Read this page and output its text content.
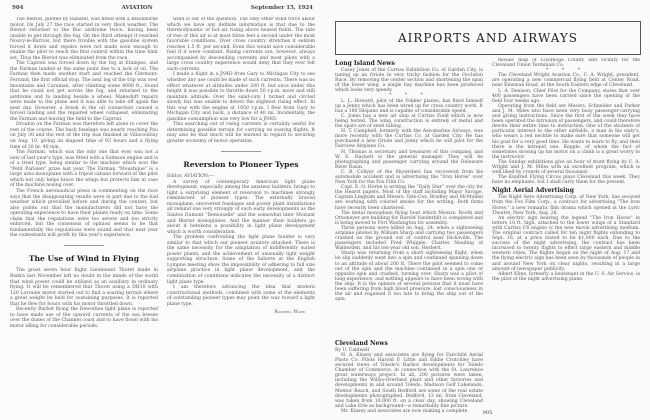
904	AVIATION	September 15, 1924

The Bleriot, piloted by Rabatel, was fitted with a Blackburne motor. On July 27 the race started in very thick weather. The Bleriot returned to the Buc airdrome twice, having been unable to get through the fog. On the third attempt it reached Nouvy-le-Barrois, but there trouble with the gasoline system forced it down and repairs were not made soon enough to enable the pilot to reach the first control within the time limit set. Thus the Bleriot was eliminated from the race.

The Caproni was forced down by the fog at Etampes, and the Farman landed at the same point due to a lack of oil. The Farman then made another start and reached the Clermont-Ferrand, the first official stop. The next leg of the trip was over mountains and Caraman, after climbing some 4000 ft., found that he could not get across the fog, and returned to the airdrome and to landing beside a wheel. Makeshift repairs were made to the plane and it was able to take off again the next day. However, a break in the oil connection caused a forced landing and the repaired wheel collapsed, eliminating the Farman and leaving the field to the Caproni.

Drouhin on the Farman was therefore left alone to cover the rest of the course. The back fuselage was nearly reaching Pau on July 30 and the rest of the trip was finished at Villacoublay on Aug. 10, giving an elapsed time of 93 hours and a flying time of 30 hr. 40 min.

The Farman, which was the only one that ever was not a new of last year's type, was fitted with a Salmson engine and is of a tried type, being similar to the machine which won the "Petit Parisien" prize last year. The Farman "Moustique" is a large area monoplane with a tripod cabane forward of the pilot which not only helps brace the wings but protects him in case of the machine nosing over.

The French aeronautical press in commenting on the race says that the disappointing results were in part due to the bad weather which prevailed before and during the contest, but also points out that the manufacturers did not have the operating experience to have their planes ready on time. Some claim that the regulations were too severe and too strictly enforced, but the consensus of opinion seems to be that fundamentally the regulations were sound and that next year the contestants will profit by this year's experience.

The Use of Wind in Flying

The great seven hour flight Lieutenant Thoret made in Biskra last November left no doubt in the minds of the world that wind power could be utilized as an auxiliary in ordinary flying. It will be remembered that Thoret using a DH10 with 120 Lorraine motor started out to find a soaring terrain where a great weight be held for sustaining purposes. It is reported that he flew for hours with his motor throttled down.

Recently Barbot flying the Dewoitine light plane is reported to have made use of the upward currents of the sea breeze over the dunes of the Channel coast and to have flown with his motor idling for considerable periods.

wind is out of the question. The only other wind force about which we have any definite information is that due to the thermodynamic of hot air rising above heated fields. The rate of rise of this air is at most three feet a second under the most favorable conditions. Over cross country stretches it seldom reaches 1.5 ft. per second. Even this would save considerable fuel if it were constant. Rising currents are, however, always accompanied by descending currents and most pilots with a large cross country experience would deny that they ever felt such currents.

I made a flight in a JN4D from Gary to Michigan City to see whether any use could be made of such currents. There was no effect whatever at altitudes under 200 ft. but once under this height it was possible to throttle down 50 r.p.m. more and still maintain altitude. Over the sand-cuts I turned and circled slowly but was unable to detect the slightest rising effect. In this way with the engine at 1050 r.p.m. I flew from Gary to Michigan City and back, a distance of 40 mi. Incidentally, the gasoline consumption was very low for a JN4D.

This searching out of rising currents is certainly useful for determining possible terrain for carrying on soaring flights. It may also be that much will be learned in regard to securing greater economy of motor operation.

Reversion to Pioneer Types

Editor, AVIATION:—

A survey of contemporary American light plane development, especially among the amateur builders, brings to light a surprising element of reversion to machines strongly reminiscent of pioneer types. The externally braced monoplane, uncovered fuselages and power plant installations all remind one very strongly of such early developments as the Santos Dumont "Demoiselle" and the somewhat later Moisant and Bleriot monoplanes. And the manner their builders go about it betokens a possibility in light plane development which is worth consideration.

The problem confronting the light plane builder is very similar to that which our pioneer aviators attacked. There is the same necessity for the adaptation of indifferently suited power plants, and the achievement of unusually light weight supporting structure. Some of the failures at the English Lympne meeting show the impossibility of adhering to full size airplane practice in light plane development, and the combination of conditions indicates the necessity of a distinct light plane type.

I am therefore advancing the idea that modern constructional methods, combined with some of the elements of outstanding pioneer types may point the way toward a light plane type.

Rodwell Ward
AIRPORTS AND AIRWAYS
Long Island News

Casey Jones of the Curtiss Exhibition Co. of Garden City, is tuning up an Oriole in very tricky fashion for the Occluton Race. By removing the center section and shortening the span of the lower wing, a single bay machine has been produced which looks very speedy.

* * *

L. L. Howard, pilot of the Fokker planes, has fixed himself up a Jenny which has been wired up for cross country work. It has a 180 Hispano and is capable of considerable speed.

C. Jones has a new air ship at Curtiss Field which is now being tested. The wing construction is entirely of metal and the spars are of steel tubing.

H. T. Campbell, formerly with the Aeromarine Airways, was more recently with the Curtiss Co. at Garden City. He has purchased a new Oriole and Jenny which he will pilot for the Fairview Airplane Co.

H. Thomas is secretary and treasurer of this company, and W. E. Hackett is the general manager. They will be photographing and passenger carrying around the Delaware River Basin.

C. B. Collyer of the Skywriters has recovered from his automobile accident and is advertising the "Iron Horse" over New York for the Fox Film Co.

Capt. E. O. Horne is writing the "Daily Star" over the city for the Hearst papers. Most of the staff including Major Savage, Captain Lingham and Messrs. Tate-Cox, Bradley and McMullen are working with colored smoke for the writing. Both firms have recently been chartered.

The metal monoplane flying boat which Messrs. Booth and Ottomeyer are building for Harold Vanderbilt is completed and is being moved to Port Washington for assembly.

Three persons were killed on Aug. 24, when a sightseeing airplane piloted by William Sharp and carrying two passengers crashed on the ground out of control near Hicksville. The passengers included Fred Whipple, Charles Neading of Walderden, and his ten-year old son, Herbert.

Sharp was returning from a short sightseeing flight, when he slip suddenly went into a spin and continued spinning down to an altitude of about 200 ft. There the pilot seemed to come out of the spin and the machine continued in a spin one or opposite spin and crashed, turning over. Sharp was a pilot of long experience, and nothing appears to have been wrong with the ship. It is the opinion of several persons that it must have been suffering from high blood pressure, lost consciousness in the air and regained it too late to bring the ship out of the spin.

Cleveland News

By U. Caldwell

H. A. Kinsey and associates are flying for Fairchild Aerial Photo Co. Pilots Harold P. Little and Eddie Crutchley have secured views of Toledo's Harbor developments for Toledo Chamber of Commerce, in connection with the St. Lawrence great waterways project. In all, 200 pictures were taken, including the Willys-Overland plant and other factories and developments in and around Toledo. Madison Golf Lakelands, Mentor Beach, and South Bedford are some of the real estate developments photographed. Bedford, 13 mi. from Cleveland, was taken from 10,000 ft. on a clear day, showing Cleveland and Lake Erie as background—a remarkably fine picture.

Mr. Kinsey and associates are now making a complete

mosaic map of Cuyahoga County and vicinity for the Cleveland Union Terminals Co.

* * *

The Cleveland Wright Aviation Co., C. A. Wright, president, are operating a new commercial flying field at Center Road, near Kinsman Road, at the South Eastern edge of Cleveland.

L. A. Denison, Chief Pilot for the Company, states that over 400 passengers have been carried since the opening of the field four weeks ago.

Operating from the field are Messrs. Schneider and Parker and J. M. Miles who have been very busy passenger-carrying and giving instructions. Since the first of the week they have been operated the intrusion of passengers, and could therefore devote their entire time to instruction. One of the students of particular interest to the other airfields, a man in his sixty's, who wears a red necktie to make sure that someone will get his goat for a very good time. He wants to learn to fly, and then there is the intrepid one. Kepple, of whom the fact of sometimes slowing up his motor on a climb is a great worry to the instructor.

The Sunday exhibitions give an hour of stunt flying by C. A. Wright and J. M. Miles with an excellent program, which is well liked by crowds of several thousand.

The Kindred Flying Circus plays Cleveland this week. They have no elephants, but I shall carry them for the present.

Night Aerial Advertising

The Night Aero Advertising Corp. of New York, has secured from the Fox Film Corp., a contract for advertising "The Iron Horse," a new romantic film drama which opened at the Lyric Theatre, New York, Aug. 28.

An electric sign bearing the legend "The Iron Horse" in letters 10 ft. high, attached to the lower wings of a Standard with Curtiss C6 engine is the new movie advertising medium. The original contract called for ten night flights extending to Sept. 16, at a price stated to be $1,000 each. Due to the success of the night advertising, the contract has been increased to twenty flights to effect large eastern and middle western cities. The flights began on the night of Aug. 17 and the flying electric sign has been seen by thousands of people in and around New York on clear nights, resulting in a large amount of newspaper publicity.

Albert Kline, formerly a lieutenant in the U. S. Air Service, is the pilot of the night advertising plane.

905
